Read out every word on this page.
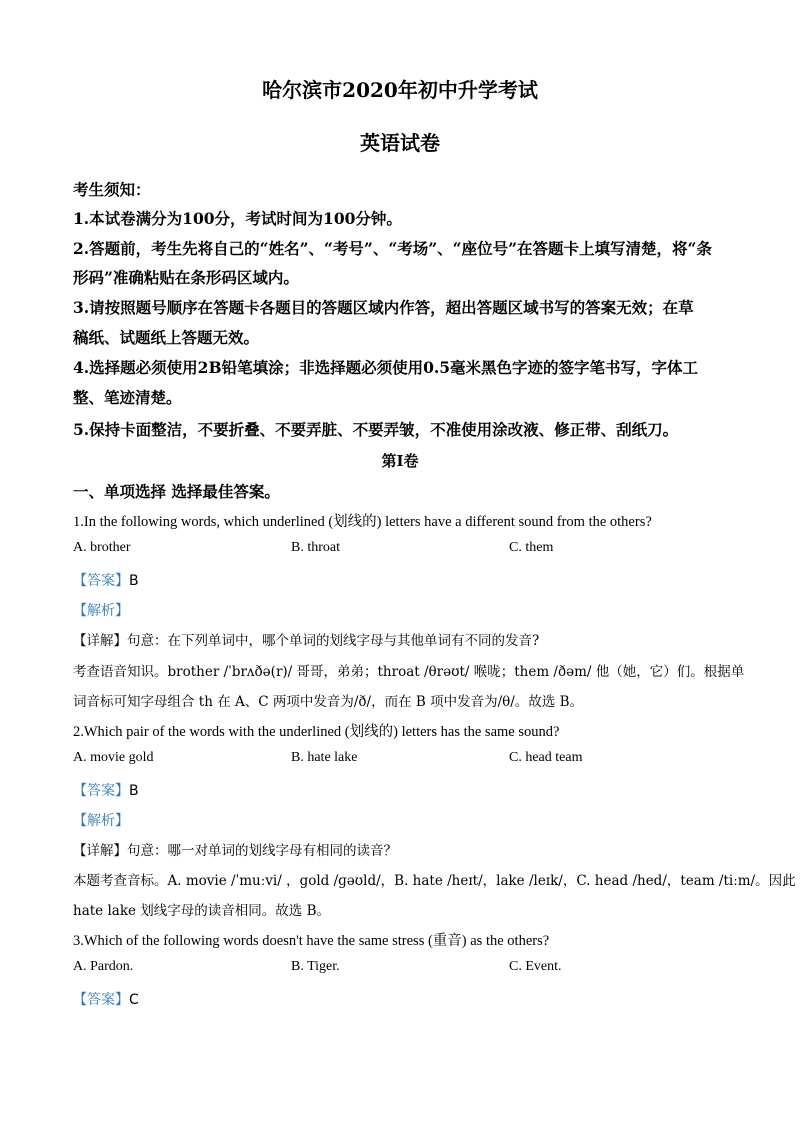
哈尔滨市2020年初中升学考试
英语试卷
考生须知：
1.本试卷满分为100分，考试时间为100分钟。
2.答题前，考生先将自己的“姓名”、“考号”、“考场”、“座位号”在答题卡上填写清楚，将“条
形码”准确粘贴在条形码区域内。
3.请按照题号顺序在答题卡各题目的答题区域内作答，超出答题区域书写的答案无效；在草
稿纸、试题纸上答题无效。
4.选择题必须使用2B铅笔填涂；非选择题必须使用0.5毫米黑色字迹的签字笔书写，字体工
整、笔迹清楚。
5.保持卡面整洁，不要折叠、不要弄脏、不要弄皱，不准使用涂改液、修正带、刮纸刀。
第Ⅰ卷
一、单项选择 选择最佳答案。
1.In the following words, which underlined (划线的) letters have a different sound from the others?
A. brother	B. throat	C. them
【答案】B
【解析】
【详解】句意：在下列单词中，哪个单词的划线字母与其他单词有不同的发音?
考查语音知识。brother /ˈbrʌðə(r)/ 哥哥，弟弟；throat /θrəʊt/ 喉咙；them /ðəm/ 他（她，它）们。根据单
词音标可知字母组合 th 在 A、C 两项中发音为/ð/，而在 B 项中发音为/θ/。故选 B。
2.Which pair of the words with the underlined (划线的) letters has the same sound?
A. movie gold	B. hate lake	C. head team
【答案】B
【解析】
【详解】句意：哪一对单词的划线字母有相同的读音？
本题考查音标。A. movie /ˈmuːvi/ ，gold /ɡəʊld/，B. hate /heɪt/，lake /leɪk/，C. head /hed/，team /tiːm/。因此
hate lake 划线字母的读音相同。故选 B。
3.Which of the following words doesn't have the same stress (重音) as the others?
A. Pardon.	B. Tiger.	C. Event.
【答案】C
